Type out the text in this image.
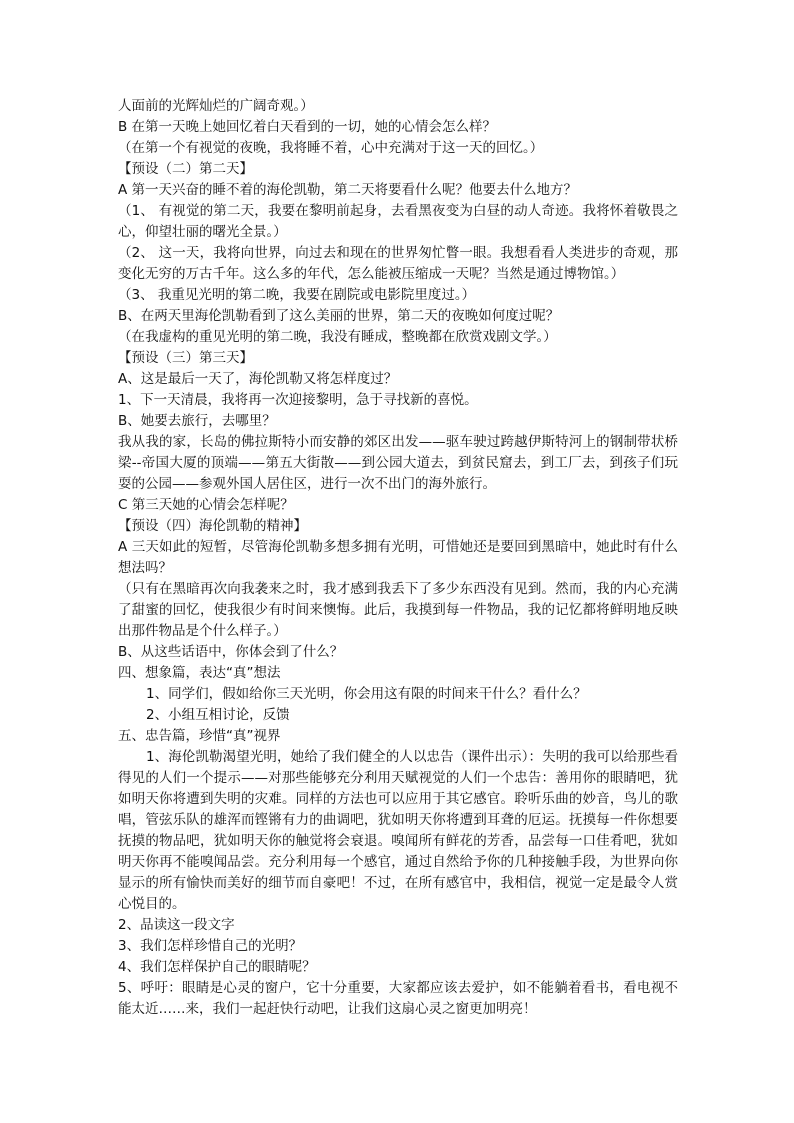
人面前的光辉灿烂的广阔奇观。）

B 在第一天晚上她回忆着白天看到的一切，她的心情会怎么样？

（在第一个有视觉的夜晚，我将睡不着，心中充满对于这一天的回忆。）

【预设（二）第二天】

A 第一天兴奋的睡不着的海伦凯勒，第二天将要看什么呢？他要去什么地方？

（1、 有视觉的第二天，我要在黎明前起身，去看黑夜变为白昼的动人奇迹。我将怀着敬畏之心，仰望壮丽的曙光全景。）

（2、 这一天，我将向世界，向过去和现在的世界匆忙瞥一眼。我想看看人类进步的奇观，那变化无穷的万古千年。这么多的年代，怎么能被压缩成一天呢？当然是通过博物馆。）

（3、 我重见光明的第二晚，我要在剧院或电影院里度过。）

B、在两天里海伦凯勒看到了这么美丽的世界，第二天的夜晚如何度过呢？

（在我虚构的重见光明的第二晚，我没有睡成，整晚都在欣赏戏剧文学。）

【预设（三）第三天】

A、这是最后一天了，海伦凯勒又将怎样度过？

1、下一天清晨，我将再一次迎接黎明，急于寻找新的喜悦。

B、她要去旅行，去哪里？

我从我的家，长岛的佛拉斯特小而安静的郊区出发——驱车驶过跨越伊斯特河上的钢制带状桥梁--帝国大厦的顶端——第五大街散——到公园大道去，到贫民窟去，到工厂去，到孩子们玩耍的公园——参观外国人居住区，进行一次不出门的海外旅行。

C 第三天她的心情会怎样呢？

【预设（四）海伦凯勒的精神】

A 三天如此的短暂，尽管海伦凯勒多想多拥有光明，可惜她还是要回到黑暗中，她此时有什么想法吗？

（只有在黑暗再次向我袭来之时，我才感到我丢下了多少东西没有见到。然而，我的内心充满了甜蜜的回忆，使我很少有时间来懊悔。此后，我摸到每一件物品，我的记忆都将鲜明地反映出那件物品是个什么样子。）

B、从这些话语中，你体会到了什么？

四、想象篇，表达“真”想法

1、同学们，假如给你三天光明，你会用这有限的时间来干什么？看什么？

2、小组互相讨论，反馈

五、忠告篇，珍惜“真”视界

1、海伦凯勒渴望光明，她给了我们健全的人以忠告（课件出示）：失明的我可以给那些看得见的人们一个提示——对那些能够充分利用天赋视觉的人们一个忠告：善用你的眼睛吧，犹如明天你将遭到失明的灾难。同样的方法也可以应用于其它感官。聆听乐曲的妙音，鸟儿的歌唱，管弦乐队的雄浑而铿锵有力的曲调吧，犹如明天你将遭到耳聋的厄运。抚摸每一件你想要抚摸的物品吧，犹如明天你的触觉将会衰退。嗅闻所有鲜花的芳香，品尝每一口佳肴吧，犹如明天你再不能嗅闻品尝。充分利用每一个感官，通过自然给予你的几种接触手段，为世界向你显示的所有愉快而美好的细节而自豪吧！不过，在所有感官中，我相信，视觉一定是最令人赏心悦目的。

2、品读这一段文字

3、我们怎样珍惜自己的光明？

4、我们怎样保护自己的眼睛呢？

5、呼吁：眼睛是心灵的窗户，它十分重要，大家都应该去爱护，如不能躺着看书，看电视不能太近……来，我们一起赶快行动吧，让我们这扇心灵之窗更加明亮！
